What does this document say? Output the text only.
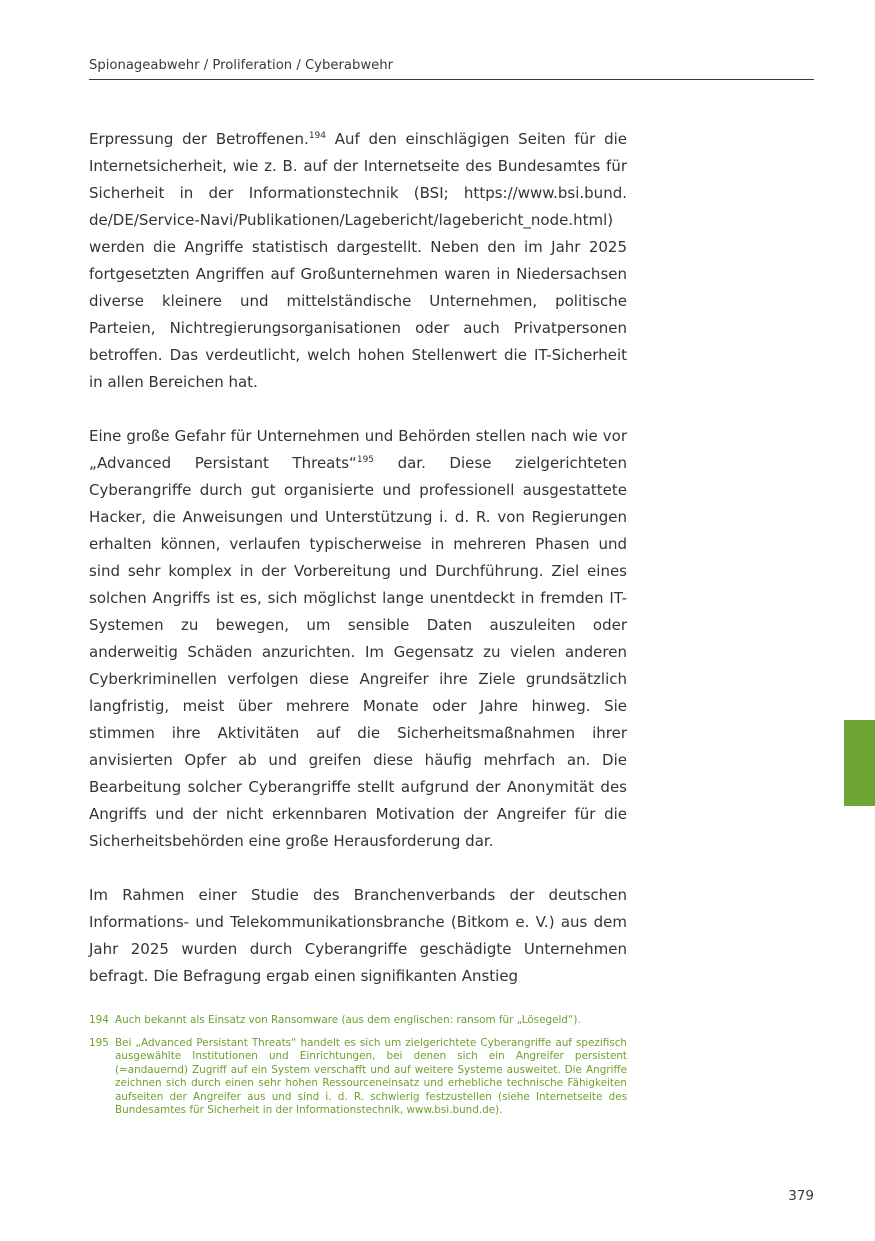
Spionageabwehr / Proliferation / Cyberabwehr

Erpressung der Betroffenen.$^{194}$ Auf den einschlägigen Seiten für die Internetsicherheit, wie z. B. auf der Internetseite des Bundesamtes für Sicherheit in der Informationstechnik (BSI; https://www.bsi.bund.​de/DE/Service-Navi/Publikationen/Lagebericht/lagebericht_node.​html) werden die Angriffe statistisch dargestellt. Neben den im Jahr 2025 fortgesetzten Angriffen auf Großunternehmen waren in Niedersachsen diverse kleinere und mittelständische Unternehmen, politische Parteien, Nichtregierungsorganisationen oder auch Privatpersonen betroffen. Das verdeutlicht, welch hohen Stellenwert die IT-Sicherheit in allen Bereichen hat.

Eine große Gefahr für Unternehmen und Behörden stellen nach wie vor „Advanced Persistant Threats“$^{195}$ dar. Diese zielgerichteten Cyberangriffe durch gut organisierte und professionell ausgestattete Hacker, die Anweisungen und Unterstützung i. d. R. von Regierungen erhalten können, verlaufen typischerweise in mehreren Phasen und sind sehr komplex in der Vorbereitung und Durchführung. Ziel eines solchen Angriffs ist es, sich möglichst lange unentdeckt in fremden IT-Systemen zu bewegen, um sensible Daten auszuleiten oder anderweitig Schäden anzurichten. Im Gegensatz zu vielen anderen Cyberkriminellen verfolgen diese Angreifer ihre Ziele grundsätzlich langfristig, meist über mehrere Monate oder Jahre hinweg. Sie stimmen ihre Aktivitäten auf die Sicherheitsmaßnahmen ihrer anvisierten Opfer ab und greifen diese häufig mehrfach an. Die Bearbeitung solcher Cyberangriffe stellt aufgrund der Anonymität des Angriffs und der nicht erkennbaren Motivation der Angreifer für die Sicherheitsbehörden eine große Herausforderung dar.

Im Rahmen einer Studie des Branchenverbands der deutschen Informations- und Telekommunikationsbranche (Bitkom e. V.) aus dem Jahr 2025 wurden durch Cyberangriffe geschädigte Unternehmen befragt. Die Befragung ergab einen signifikanten Anstieg

194 Auch bekannt als Einsatz von Ransomware (aus dem englischen: ransom für „Lösegeld“).
195 Bei „Advanced Persistant Threats“ handelt es sich um zielgerichtete Cyberangriffe auf spezifisch ausgewählte Institutionen und Einrichtungen, bei denen sich ein Angreifer persistent (=andauernd) Zugriff auf ein System verschafft und auf weitere Systeme ausweitet. Die Angriffe zeichnen sich durch einen sehr hohen Ressourceneinsatz und erhebliche technische Fähigkeiten aufseiten der Angreifer aus und sind i. d. R. schwierig festzustellen (siehe Internetseite des Bundesamtes für Sicherheit in der Informationstechnik, www.bsi.​bund.de).
379
